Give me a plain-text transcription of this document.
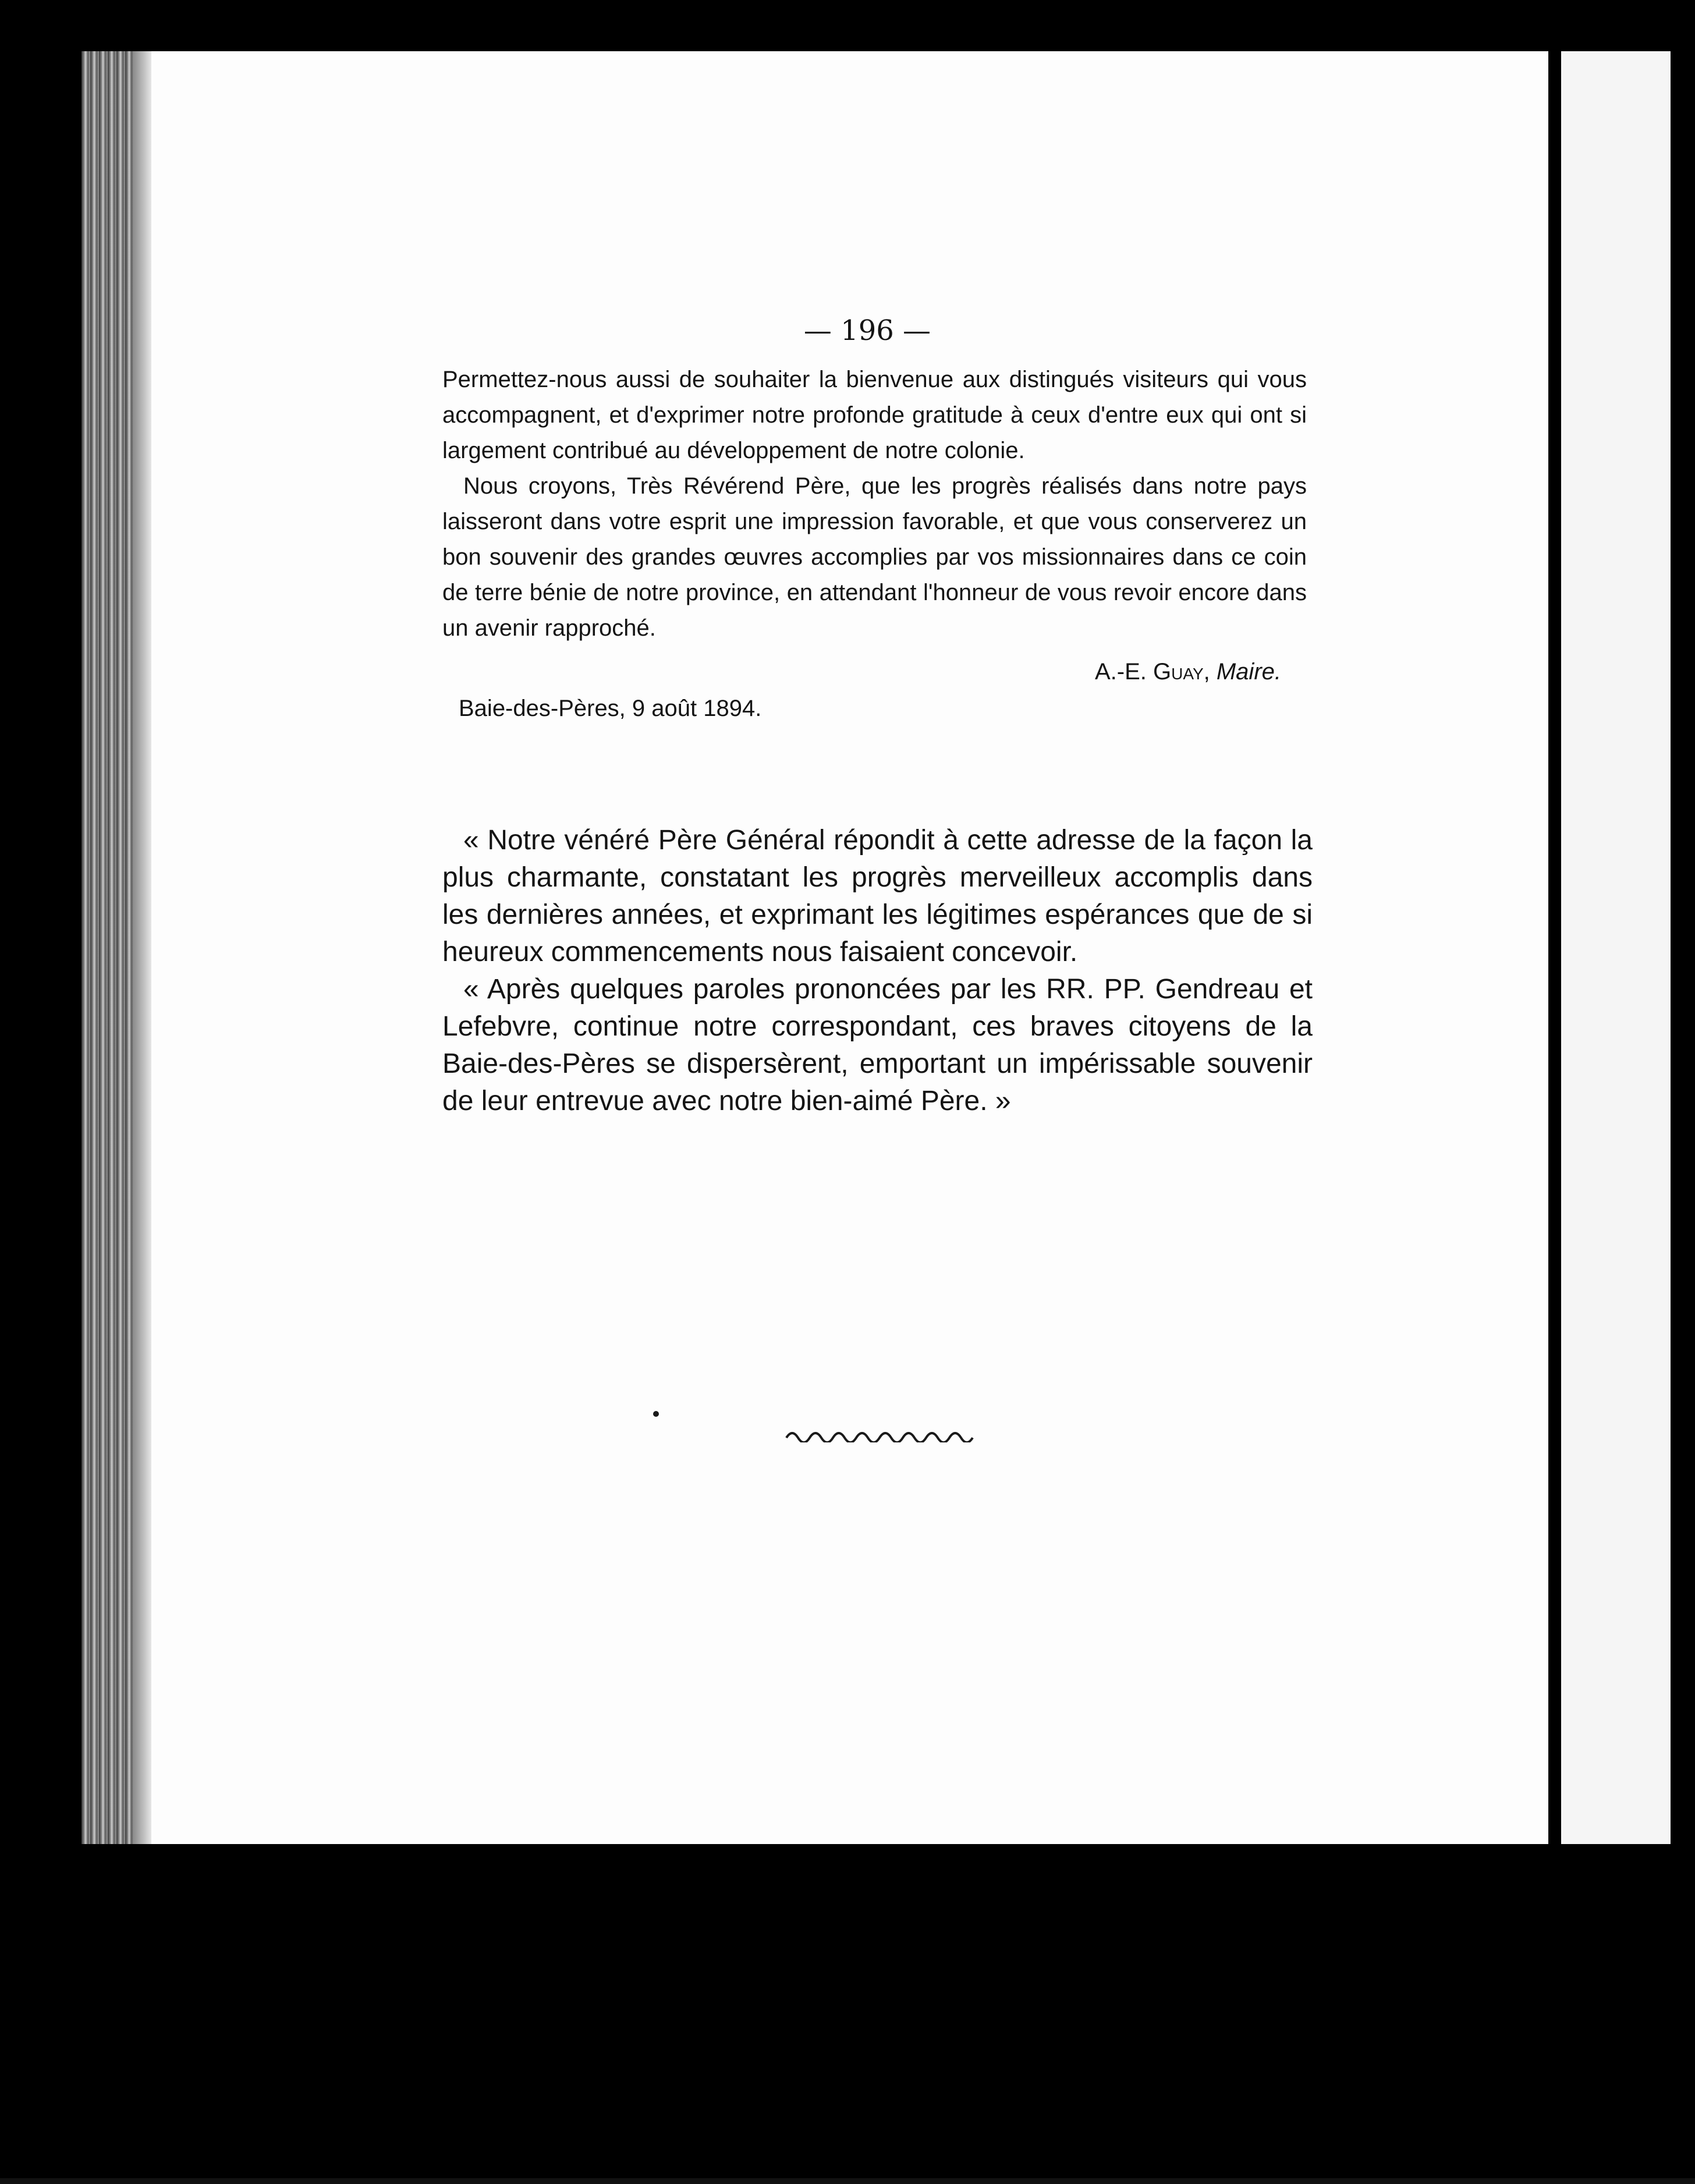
— 196 —

Permettez-nous aussi de souhaiter la bienvenue aux distingués visiteurs qui vous accompagnent, et d'exprimer notre profonde gratitude à ceux d'entre eux qui ont si largement contribué au développement de notre colonie.

Nous croyons, Très Révérend Père, que les progrès réalisés dans notre pays laisseront dans votre esprit une impression favorable, et que vous conserverez un bon souvenir des grandes œuvres accomplies par vos missionnaires dans ce coin de terre bénie de notre province, en attendant l'honneur de vous revoir encore dans un avenir rapproché.

A.-E. Guay, Maire.

Baie-des-Pères, 9 août 1894.

« Notre vénéré Père Général répondit à cette adresse de la façon la plus charmante, constatant les progrès merveilleux accomplis dans les dernières années, et exprimant les légitimes espérances que de si heureux commencements nous faisaient concevoir.

« Après quelques paroles prononcées par les RR. PP. Gendreau et Lefebvre, continue notre correspondant, ces braves citoyens de la Baie-des-Pères se dispersèrent, emportant un impérissable souvenir de leur entrevue avec notre bien-aimé Père. »
